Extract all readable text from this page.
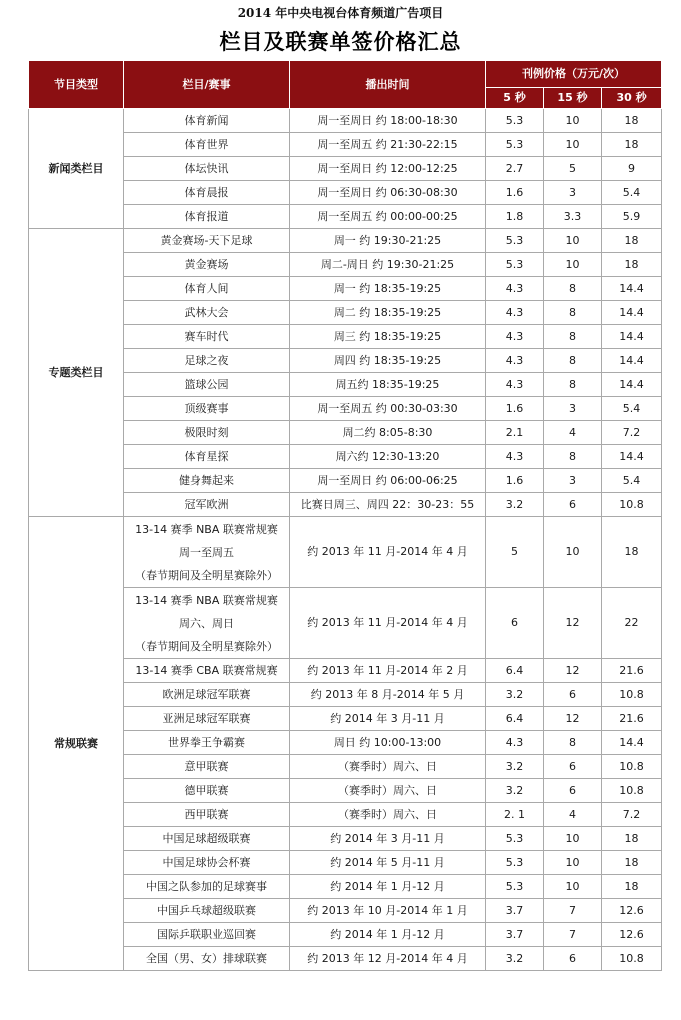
2014 年中央电视台体育频道广告项目
栏目及联赛单签价格汇总
节目类型	栏目/赛事	播出时间	刊例价格（万元/次）		
			5 秒	15 秒	30 秒
新闻类栏目	体育新闻	周一至周日 约 18:00-18:30	5.3	10	18
	体育世界	周一至周五 约 21:30-22:15	5.3	10	18
	体坛快讯	周一至周日 约 12:00-12:25	2.7	5	9
	体育晨报	周一至周日 约 06:30-08:30	1.6	3	5.4
	体育报道	周一至周五 约 00:00-00:25	1.8	3.3	5.9
专题类栏目	黄金赛场-天下足球	周一 约 19:30-21:25	5.3	10	18
	黄金赛场	周二-周日 约 19:30-21:25	5.3	10	18
	体育人间	周一 约 18:35-19:25	4.3	8	14.4
	武林大会	周二 约 18:35-19:25	4.3	8	14.4
	赛车时代	周三 约 18:35-19:25	4.3	8	14.4
	足球之夜	周四 约 18:35-19:25	4.3	8	14.4
	篮球公园	周五约 18:35-19:25	4.3	8	14.4
	顶级赛事	周一至周五 约 00:30-03:30	1.6	3	5.4
	极限时刻	周二约 8:05-8:30	2.1	4	7.2
	体育星探	周六约 12:30-13:20	4.3	8	14.4
	健身舞起来	周一至周日 约 06:00-06:25	1.6	3	5.4
	冠军欧洲	比赛日周三、周四 22：30-23：55	3.2	6	10.8
常规联赛	13-14 赛季 NBA 联赛常规赛
周一至周五
（春节期间及全明星赛除外）	约 2013 年 11 月-2014 年 4 月	5	10	18

	13-14 赛季 NBA 联赛常规赛
周六、周日
（春节期间及全明星赛除外）	约 2013 年 11 月-2014 年 4 月	6	12	22
	13-14 赛季 CBA 联赛常规赛	约 2013 年 11 月-2014 年 2 月	6.4	12	21.6
	欧洲足球冠军联赛	约 2013 年 8 月-2014 年 5 月	3.2	6	10.8
	亚洲足球冠军联赛	约 2014 年 3 月-11 月	6.4	12	21.6
	世界拳王争霸赛	周日 约 10:00-13:00	4.3	8	14.4
	意甲联赛	（赛季时）周六、日	3.2	6	10.8
	德甲联赛	（赛季时）周六、日	3.2	6	10.8
	西甲联赛	（赛季时）周六、日	2. 1	4	7.2
	中国足球超级联赛	约 2014 年 3 月-11 月	5.3	10	18
	中国足球协会杯赛	约 2014 年 5 月-11 月	5.3	10	18
	中国之队参加的足球赛事	约 2014 年 1 月-12 月	5.3	10	18
	中国乒乓球超级联赛	约 2013 年 10 月-2014 年 1 月	3.7	7	12.6
	国际乒联职业巡回赛	约 2014 年 1 月-12 月	3.7	7	12.6
	全国（男、女）排球联赛	约 2013 年 12 月-2014 年 4 月	3.2	6	10.8
